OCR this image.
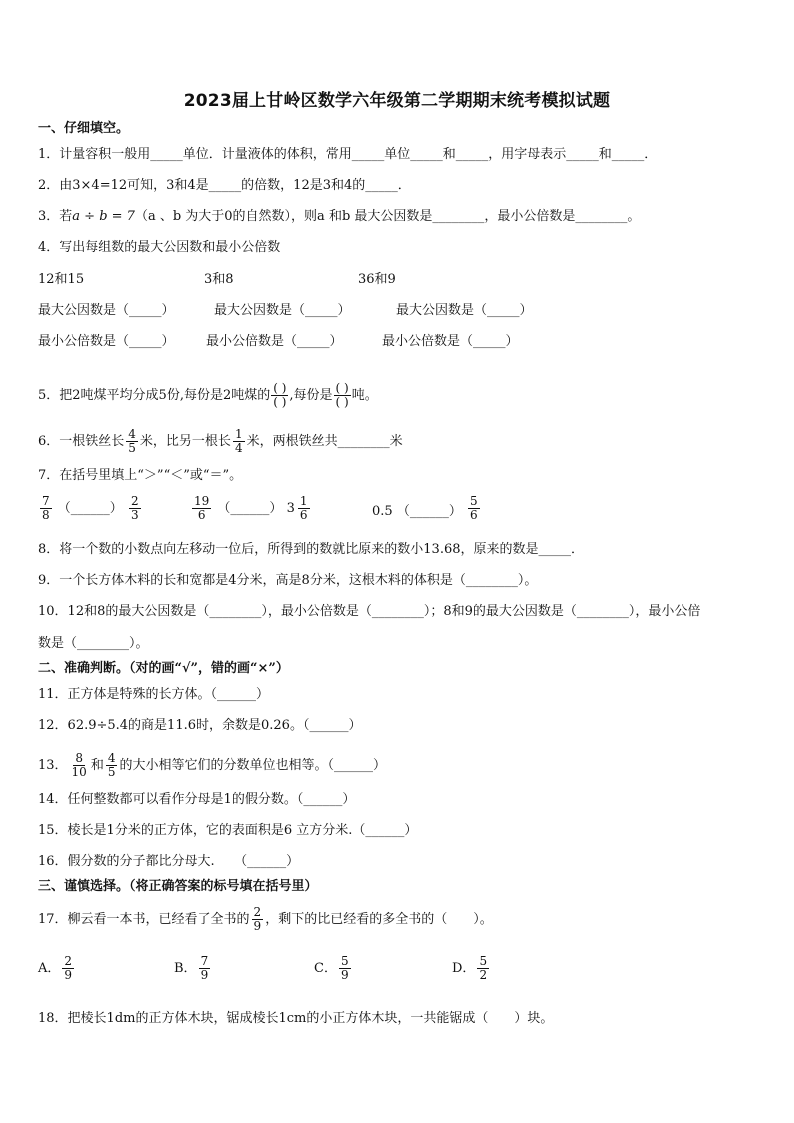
2023届上甘岭区数学六年级第二学期期末统考模拟试题
一、仔细填空。
1．计量容积一般用_____单位．计量液体的体积，常用_____单位_____和_____，用字母表示_____和_____．
2．由3×4=12可知，3和4是_____的倍数，12是3和4的_____．
3．若a ÷ b = 7（a 、b 为大于0的自然数），则a 和b 最大公因数是________，最小公倍数是________。
4．写出每组数的最大公因数和最小公倍数
12和15	3和8	36和9
最大公因数是（_____）	最大公因数是（_____）	最大公因数是（_____）
最小公倍数是（_____） 最小公倍数是（_____）	最小公倍数是（_____）
5．把2吨煤平均分成5份,每份是2吨煤的 $\frac{( )}{( )}$ ,每份是 $\frac{( )}{( )}$ 吨。
6．一根铁丝长 $\frac{4}{5}$ 米，比另一根长 $\frac{1}{4}$ 米，两根铁丝共________米
7．在括号里填上“＞”“＜”或“＝”。
$\frac{7}{8}$ （______） $\frac{2}{3}$	$\frac{19}{6}$ （______） $3 \frac{1}{6}$	0.5 （______） $\frac{5}{6}$
8．将一个数的小数点向左移动一位后，所得到的数就比原来的数小13.68，原来的数是_____．
9．一个长方体木料的长和宽都是4分米，高是8分米，这根木料的体积是（________）。
10．12和8的最大公因数是（________），最小公倍数是（________）；8和9的最大公因数是（________），最小公倍
数是（________）。
二、准确判断。（对的画“√”，错的画“×”）
11．正方体是特殊的长方体。（______）
12．62.9÷5.4的商是11.6时，余数是0.26。（______）
13． $\frac{8}{10}$ 和 $\frac{4}{5}$ 的大小相等它们的分数单位也相等。（______）
14．任何整数都可以看作分母是1的假分数。（______）
15．棱长是1分米的正方体，它的表面积是6 立方分米.（______）
16．假分数的分子都比分母大.　　（______）
三、谨慎选择。（将正确答案的标号填在括号里）
17．柳云看一本书，已经看了全书的 $\frac{2}{9}$ ，剩下的比已经看的多全书的（　　）。
A． $\frac{2}{9}$	B． $\frac{7}{9}$	C． $\frac{5}{9}$	D． $\frac{5}{2}$
18．把棱长1dm的正方体木块，锯成棱长1cm的小正方体木块，一共能锯成（　　）块。
